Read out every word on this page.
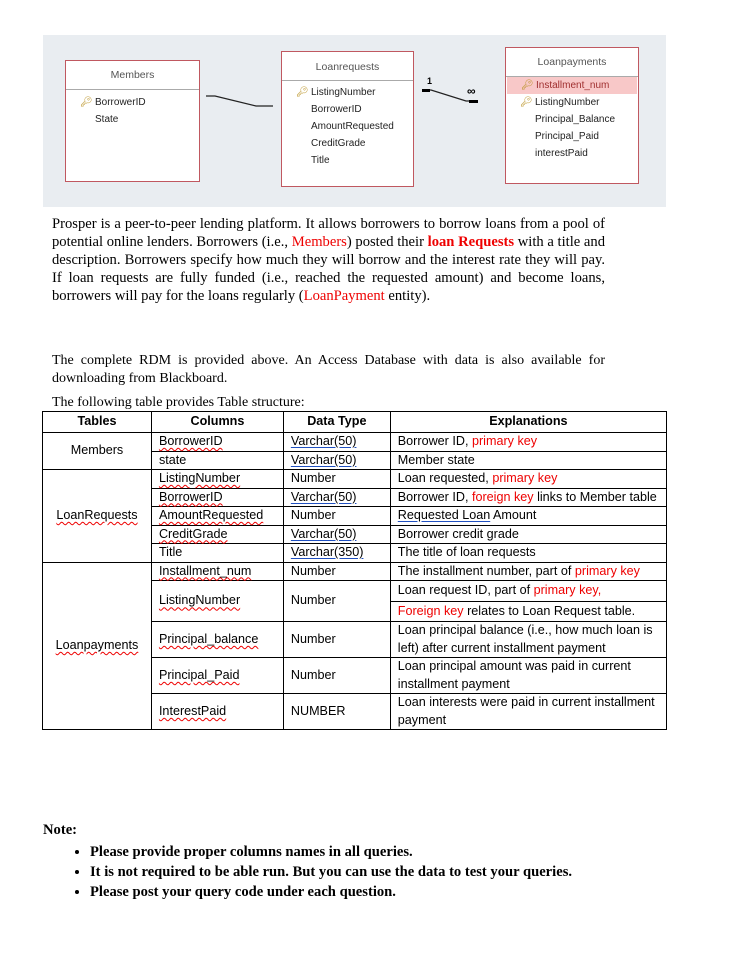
Members
🔑︎ BorrowerID
State
Loanrequests
🔑︎ ListingNumber
BorrowerID
AmountRequested
CreditGrade
Title
Loanpayments
🔑︎ Installment_num
🔑︎ ListingNumber
Principal_Balance
Principal_Paid
interestPaid
1
∞
Prosper is a peer-to-peer lending platform. It allows borrowers to borrow loans from a pool of potential online lenders. Borrowers (i.e., Members) posted their loan Requests with a title and description. Borrowers specify how much they will borrow and the interest rate they will pay. If loan requests are fully funded (i.e., reached the requested amount) and become loans, borrowers will pay for the loans regularly (LoanPayment entity).
The complete RDM is provided above. An Access Database with data is also available for downloading from Blackboard.
The following table provides Table structure:
Tables	Columns	Data Type	Explanations
Members	BorrowerID	Varchar(50)	Borrower ID, primary key
	state	Varchar(50)	Member state
LoanRequests	ListingNumber	Number	Loan requested, primary key
	BorrowerID	Varchar(50)	Borrower ID, foreign key links to Member table
	AmountRequested	Number	Requested Loan Amount
	CreditGrade	Varchar(50)	Borrower credit grade
	Title	Varchar(350)	The title of loan requests
Loanpayments	Installment_num	Number	The installment number, part of primary key
	ListingNumber	Number	Loan request ID, part of primary key,
Foreign key relates to Loan Request table.

	Principal_balance	Number	Loan principal balance (i.e., how much loan is left) after current installment payment
	Principal_Paid	Number	Loan principal amount was paid in current installment payment
	InterestPaid	NUMBER	Loan interests were paid in current installment payment
Note:
• Please provide proper columns names in all queries.
• It is not required to be able run. But you can use the data to test your queries.
• Please post your query code under each question.
